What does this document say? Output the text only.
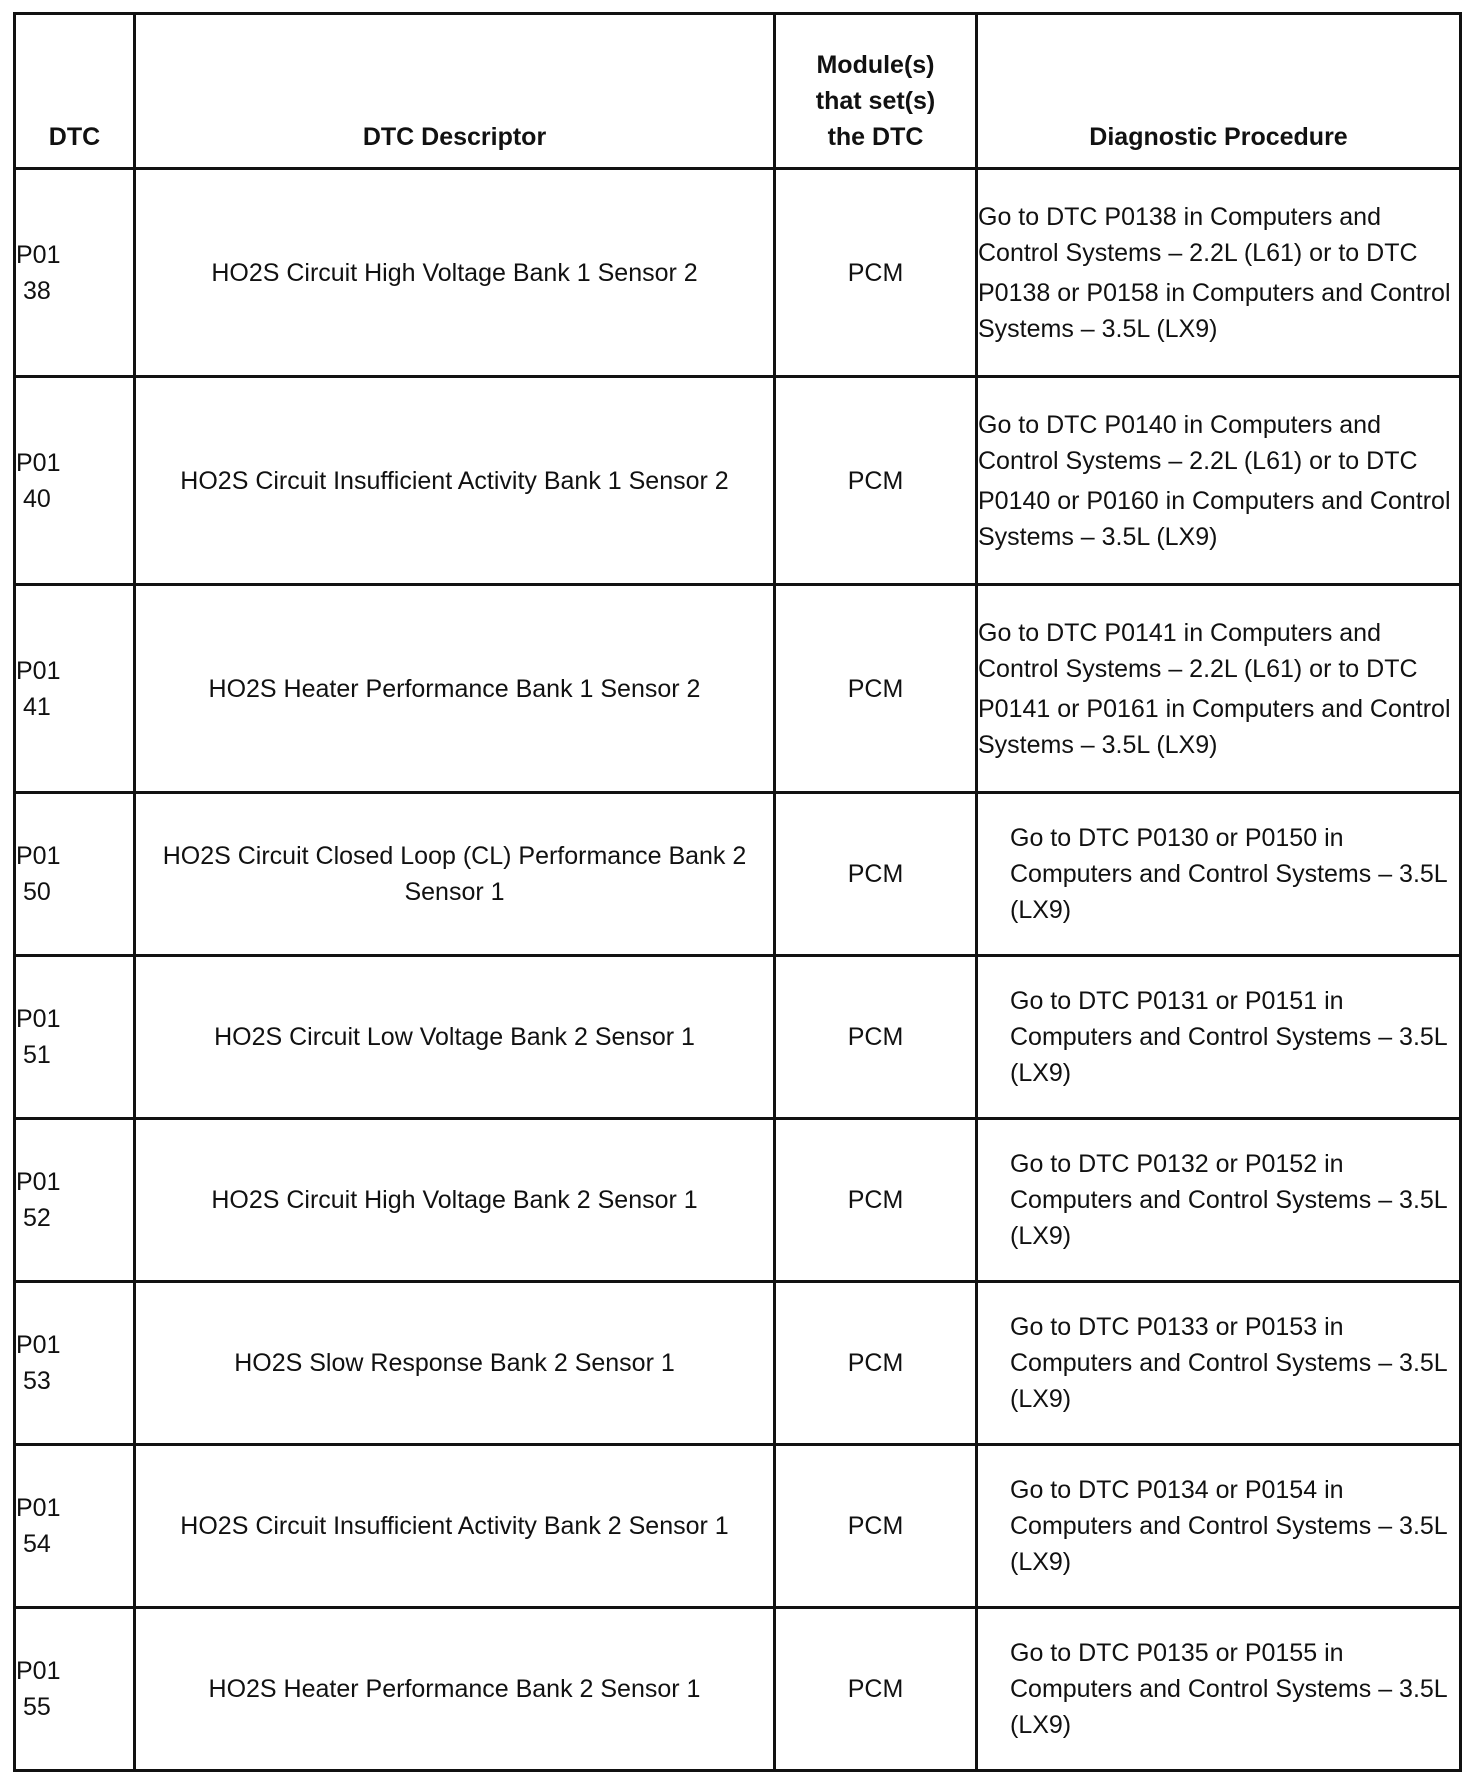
DTC	DTC Descriptor	Module(s)
that set(s)
the DTC	Diagnostic Procedure

P01
38	HO2S Circuit High Voltage Bank 1 Sensor 2	PCM	Go to DTC P0138 in Computers and Control Systems – 2.2L (L61) or to DTC
P0138 or P0158 in Computers and Control Systems – 3.5L (LX9)

P01
40	HO2S Circuit Insufficient Activity Bank 1 Sensor 2	PCM	Go to DTC P0140 in Computers and Control Systems – 2.2L (L61) or to DTC
P0140 or P0160 in Computers and Control Systems – 3.5L (LX9)

P01
41	HO2S Heater Performance Bank 1 Sensor 2	PCM	Go to DTC P0141 in Computers and Control Systems – 2.2L (L61) or to DTC
P0141 or P0161 in Computers and Control Systems – 3.5L (LX9)

P01
50	HO2S Circuit Closed Loop (CL) Performance Bank 2 Sensor 1	PCM	Go to DTC P0130 or P0150 in Computers and Control Systems – 3.5L (LX9)

P01
51	HO2S Circuit Low Voltage Bank 2 Sensor 1	PCM	Go to DTC P0131 or P0151 in Computers and Control Systems – 3.5L (LX9)

P01
52	HO2S Circuit High Voltage Bank 2 Sensor 1	PCM	Go to DTC P0132 or P0152 in Computers and Control Systems – 3.5L (LX9)

P01
53	HO2S Slow Response Bank 2 Sensor 1	PCM	Go to DTC P0133 or P0153 in Computers and Control Systems – 3.5L (LX9)

P01
54	HO2S Circuit Insufficient Activity Bank 2 Sensor 1	PCM	Go to DTC P0134 or P0154 in Computers and Control Systems – 3.5L (LX9)

P01
55	HO2S Heater Performance Bank 2 Sensor 1	PCM	Go to DTC P0135 or P0155 in Computers and Control Systems – 3.5L (LX9)
